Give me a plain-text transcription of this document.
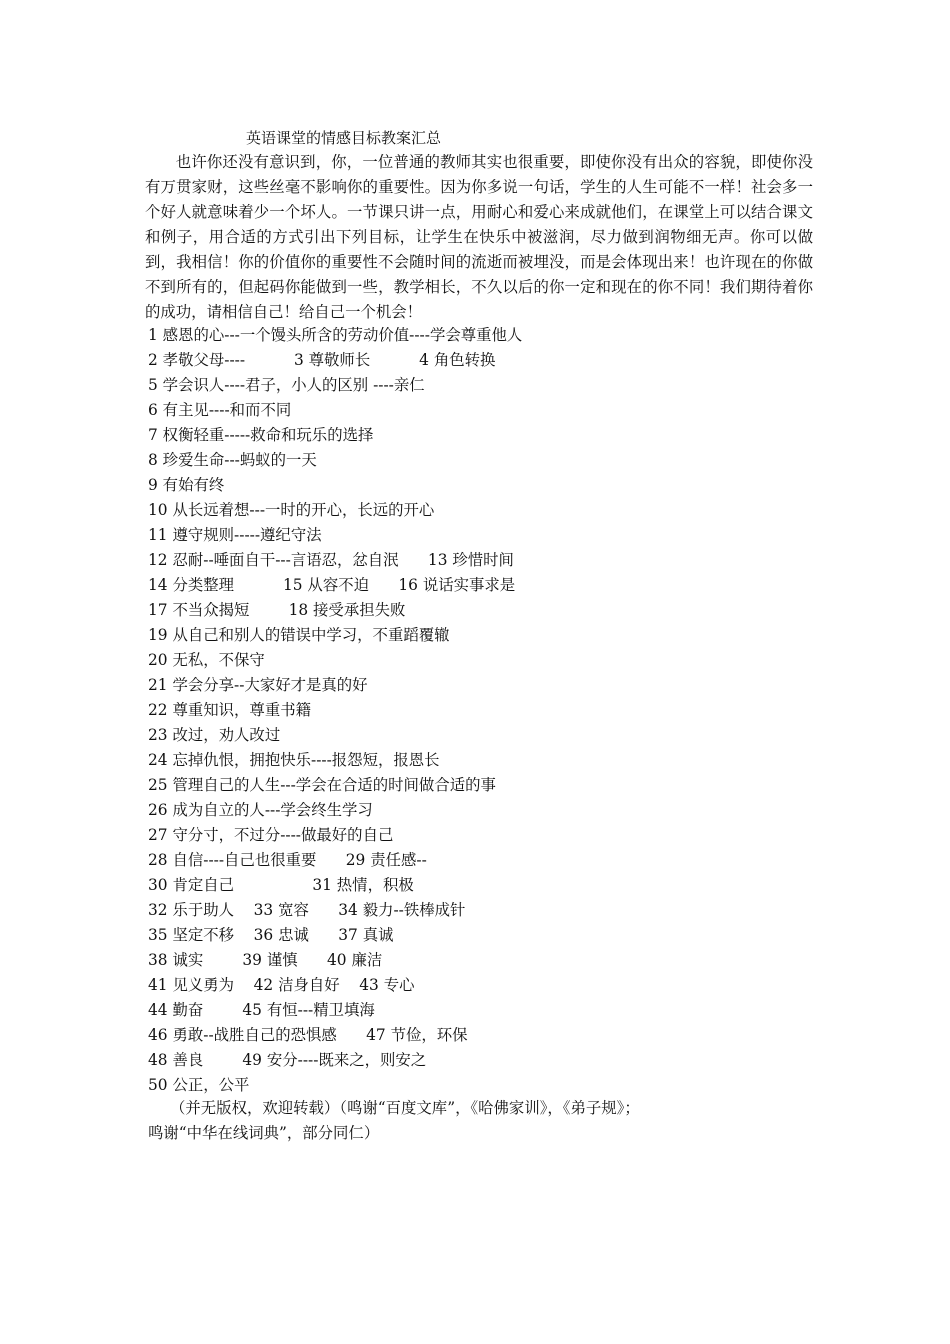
英语课堂的情感目标教案汇总

也许你还没有意识到，你，一位普通的教师其实也很重要，即使你没有出众的容貌，即使你没有万贯家财，这些丝毫不影响你的重要性。因为你多说一句话，学生的人生可能不一样！社会多一个好人就意味着少一个坏人。一节课只讲一点，用耐心和爱心来成就他们，在课堂上可以结合课文和例子，用合适的方式引出下列目标，让学生在快乐中被滋润，尽力做到润物细无声。你可以做到，我相信！你的价值你的重要性不会随时间的流逝而被埋没，而是会体现出来！也许现在的你做不到所有的，但起码你能做到一些，教学相长，不久以后的你一定和现在的你不同！我们期待着你的成功，请相信自己！给自己一个机会！

1 感恩的心---一个馒头所含的劳动价值----学会尊重他人
2 孝敬父母----          3 尊敬师长          4 角色转换
5 学会识人----君子，小人的区别 ----亲仁
6 有主见----和而不同
7 权衡轻重-----救命和玩乐的选择
8 珍爱生命---蚂蚁的一天
9 有始有终
10 从长远着想---一时的开心，长远的开心
11 遵守规则-----遵纪守法
12 忍耐--唾面自干---言语忍，忿自泯      13 珍惜时间
14 分类整理          15 从容不迫      16 说话实事求是
17 不当众揭短        18 接受承担失败
19 从自己和别人的错误中学习，不重蹈覆辙
20 无私，不保守
21 学会分享--大家好才是真的好
22 尊重知识，尊重书籍
23 改过，劝人改过
24 忘掉仇恨，拥抱快乐----报怨短，报恩长
25 管理自己的人生---学会在合适的时间做合适的事
26 成为自立的人---学会终生学习
27 守分寸，不过分----做最好的自己
28 自信----自己也很重要      29 责任感--
30 肯定自己                31 热情，积极
32 乐于助人    33 宽容      34 毅力--铁棒成针
35 坚定不移    36 忠诚      37 真诚
38 诚实        39 谨慎      40 廉洁
41 见义勇为    42 洁身自好    43 专心
44 勤奋        45 有恒---精卫填海
46 勇敢--战胜自己的恐惧感      47 节俭，环保
48 善良        49 安分----既来之，则安之
50 公正，公平
（并无版权，欢迎转载）（鸣谢“百度文库”，《哈佛家训》，《弟子规》；
鸣谢“中华在线词典”，部分同仁）
